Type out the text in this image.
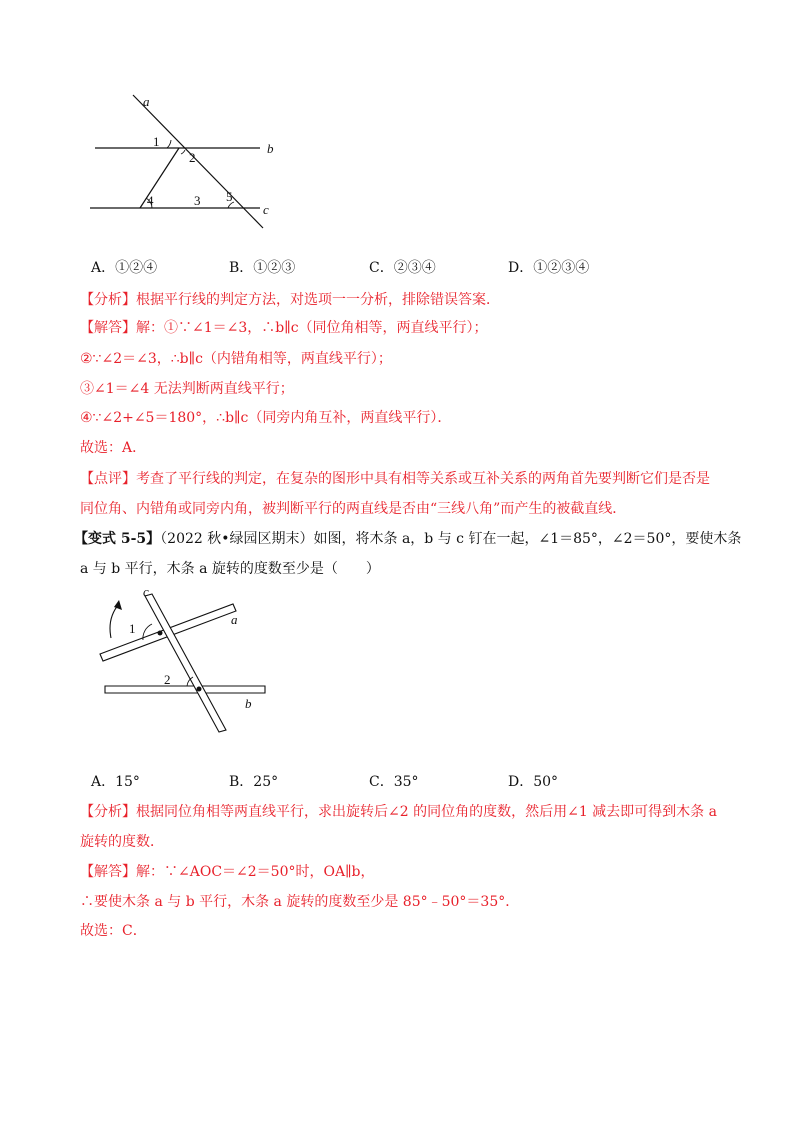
a
b
c
1
2
4	3 5
A．①②④	B．①②③	C．②③④	D．①②③④
【分析】根据平行线的判定方法，对选项一一分析，排除错误答案．
【解答】解：①∵∠1＝∠3，∴b∥c（同位角相等，两直线平行）；
②∵∠2＝∠3，∴b∥c（内错角相等，两直线平行）；
③∠1＝∠4 无法判断两直线平行；
④∵∠2+∠5＝180°，∴b∥c（同旁内角互补，两直线平行）．
故选：A．
【点评】考查了平行线的判定，在复杂的图形中具有相等关系或互补关系的两角首先要判断它们是否是
同位角、内错角或同旁内角，被判断平行的两直线是否由“三线八角”而产生的被截直线．
【变式 5-5】（2022 秋•绿园区期末）如图，将木条 a，b 与 c 钉在一起，∠1＝85°，∠2＝50°，要使木条
a 与 b 平行，木条 a 旋转的度数至少是（　　）
c
a
b
1
2
A．15°	B．25°	C．35°	D．50°
【分析】根据同位角相等两直线平行，求出旋转后∠2 的同位角的度数，然后用∠1 减去即可得到木条 a
旋转的度数．
【解答】解：∵∠AOC＝∠2＝50°时，OA∥b，
∴要使木条 a 与 b 平行，木条 a 旋转的度数至少是 85°﹣50°＝35°．
故选：C．
